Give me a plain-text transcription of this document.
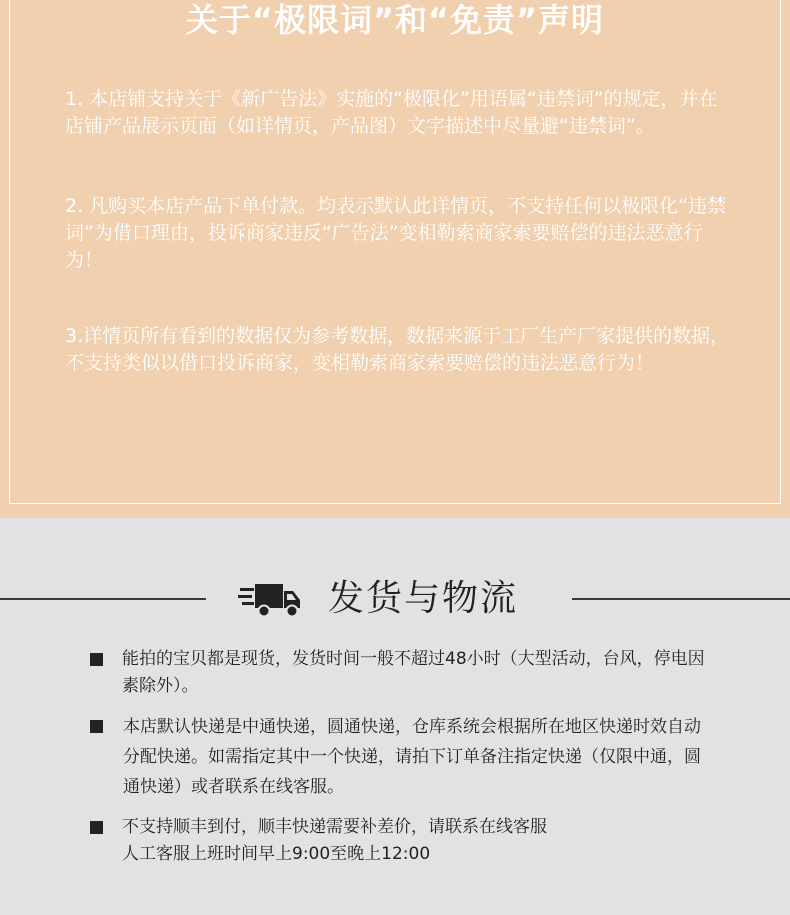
关于“极限词”和“免责”声明

1. 本店铺支持关于《新广告法》实施的“极限化”用语属“违禁词”的规定，并在店铺产品展示页面（如详情页，产品图）文字描述中尽量避“违禁词”。

2. 凡购买本店产品下单付款。均表示默认此详情页，不支持任何以极限化“违禁词”为借口理由，投诉商家违反“广告法”变相勒索商家索要赔偿的违法恶意行为！

3.详情页所有看到的数据仅为参考数据，数据来源于工厂生产厂家提供的数据，不支持类似以借口投诉商家，变相勒索商家索要赔偿的违法恶意行为！

发货与物流

能拍的宝贝都是现货，发货时间一般不超过48小时（大型活动，台风，停电因素除外）。

本店默认快递是中通快递，圆通快递，仓库系统会根据所在地区快递时效自动分配快递。如需指定其中一个快递，请拍下订单备注指定快递（仅限中通，圆通快递）或者联系在线客服。

不支持顺丰到付，顺丰快递需要补差价，请联系在线客服
人工客服上班时间早上9:00至晚上12:00
